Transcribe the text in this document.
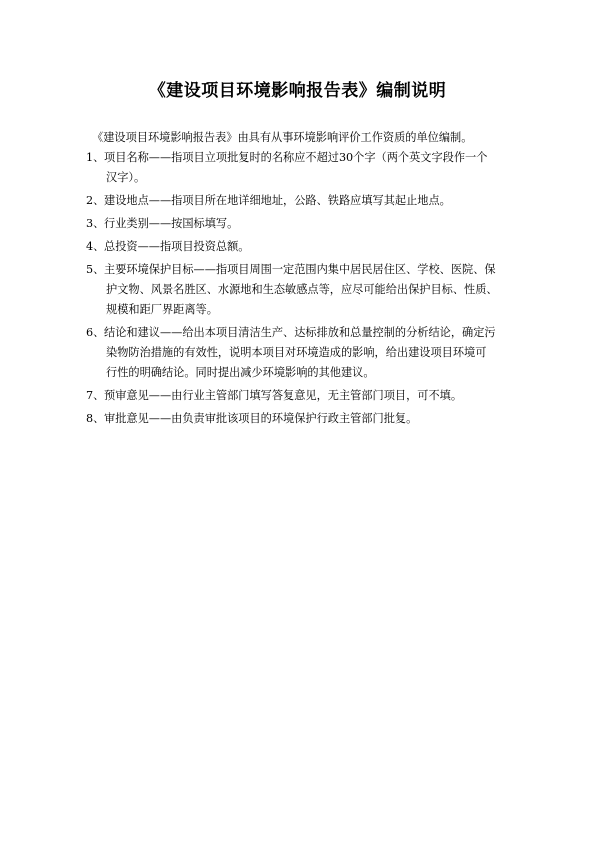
《建设项目环境影响报告表》编制说明
《建设项目环境影响报告表》由具有从事环境影响评价工作资质的单位编制。
1、 项目名称——指项目立项批复时的名称应不超过30个字（两个英文字段作一个
汉字）。
2、 建设地点——指项目所在地详细地址，公路、铁路应填写其起止地点。
3、 行业类别——按国标填写。
4、 总投资——指项目投资总额。
5、 主要环境保护目标——指项目周围一定范围内集中居民居住区、学校、医院、保
护文物、风景名胜区、水源地和生态敏感点等，应尽可能给出保护目标、性质、
规模和距厂界距离等。
6、 结论和建议——给出本项目清洁生产、达标排放和总量控制的分析结论，确定污
染物防治措施的有效性，说明本项目对环境造成的影响，给出建设项目环境可
行性的明确结论。同时提出减少环境影响的其他建议。
7、 预审意见——由行业主管部门填写答复意见，无主管部门项目，可不填。
8、 审批意见——由负责审批该项目的环境保护行政主管部门批复。
